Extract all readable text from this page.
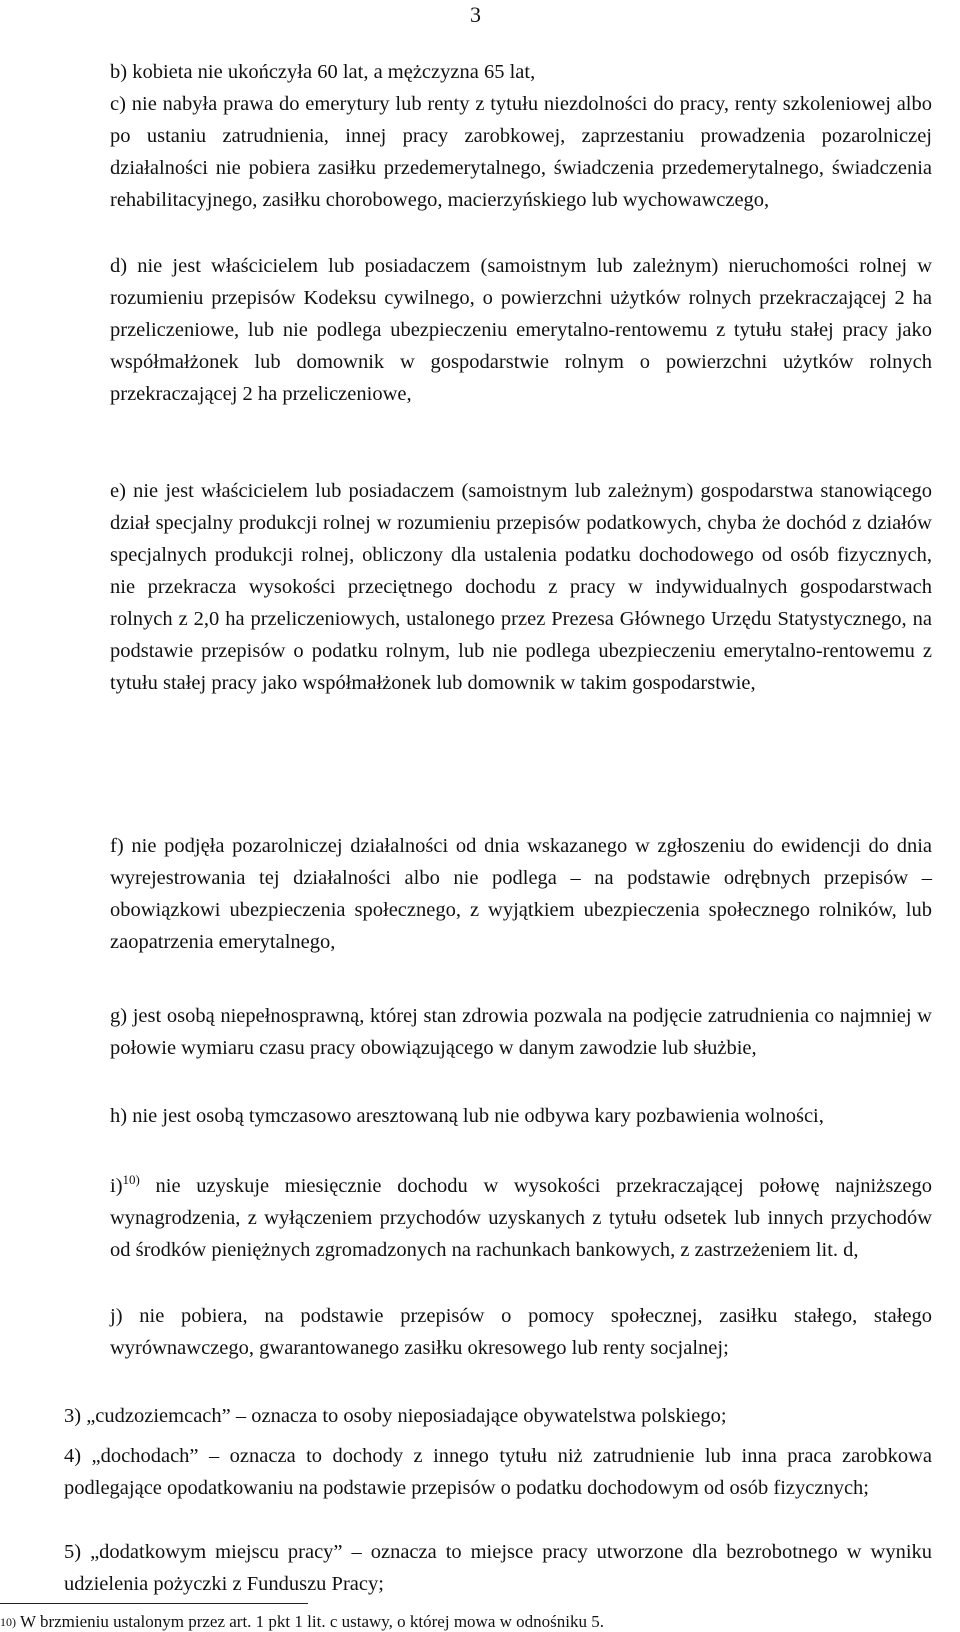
3
b) kobieta nie ukończyła 60 lat, a mężczyzna 65 lat,
c) nie nabyła prawa do emerytury lub renty z tytułu niezdolności do pracy, renty szkoleniowej albo po ustaniu zatrudnienia, innej pracy zarobkowej, zaprzestaniu prowadzenia pozarolniczej działalności nie pobiera zasiłku przedemerytalnego, świadczenia przedemerytalnego, świadczenia rehabilitacyjnego, zasiłku chorobowego, macierzyńskiego lub wychowawczego,
d) nie jest właścicielem lub posiadaczem (samoistnym lub zależnym) nieruchomości rolnej w rozumieniu przepisów Kodeksu cywilnego, o powierzchni użytków rolnych przekraczającej 2 ha przeliczeniowe, lub nie podlega ubezpieczeniu emerytalno-rentowemu z tytułu stałej pracy jako współmałżonek lub domownik w gospodarstwie rolnym o powierzchni użytków rolnych przekraczającej 2 ha przeliczeniowe,
e) nie jest właścicielem lub posiadaczem (samoistnym lub zależnym) gospodarstwa stanowiącego dział specjalny produkcji rolnej w rozumieniu przepisów podatkowych, chyba że dochód z działów specjalnych produkcji rolnej, obliczony dla ustalenia podatku dochodowego od osób fizycznych, nie przekracza wysokości przeciętnego dochodu z pracy w indywidualnych gospodarstwach rolnych z 2,0 ha przeliczeniowych, ustalonego przez Prezesa Głównego Urzędu Statystycznego, na podstawie przepisów o podatku rolnym, lub nie podlega ubezpieczeniu emerytalno-rentowemu z tytułu stałej pracy jako współmałżonek lub domownik w takim gospodarstwie,
f) nie podjęła pozarolniczej działalności od dnia wskazanego w zgłoszeniu do ewidencji do dnia wyrejestrowania tej działalności albo nie podlega – na podstawie odrębnych przepisów – obowiązkowi ubezpieczenia społecznego, z wyjątkiem ubezpieczenia społecznego rolników, lub zaopatrzenia emerytalnego,
g) jest osobą niepełnosprawną, której stan zdrowia pozwala na podjęcie zatrudnienia co najmniej w połowie wymiaru czasu pracy obowiązującego w danym zawodzie lub służbie,
h) nie jest osobą tymczasowo aresztowaną lub nie odbywa kary pozbawienia wolności,
i)$^{10)}$ nie uzyskuje miesięcznie dochodu w wysokości przekraczającej połowę najniższego wynagrodzenia, z wyłączeniem przychodów uzyskanych z tytułu odsetek lub innych przychodów od środków pieniężnych zgromadzonych na rachunkach bankowych, z zastrzeżeniem lit. d,
j) nie pobiera, na podstawie przepisów o pomocy społecznej, zasiłku stałego, stałego wyrównawczego, gwarantowanego zasiłku okresowego lub renty socjalnej;
3) „cudzoziemcach” – oznacza to osoby nieposiadające obywatelstwa polskiego;
4) „dochodach” – oznacza to dochody z innego tytułu niż zatrudnienie lub inna praca zarobkowa podlegające opodatkowaniu na podstawie przepisów o podatku dochodowym od osób fizycznych;
5) „dodatkowym miejscu pracy” – oznacza to miejsce pracy utworzone dla bezrobotnego w wyniku udzielenia pożyczki z Funduszu Pracy;
$^{10)}$ W brzmieniu ustalonym przez art. 1 pkt 1 lit. c ustawy, o której mowa w odnośniku 5.
